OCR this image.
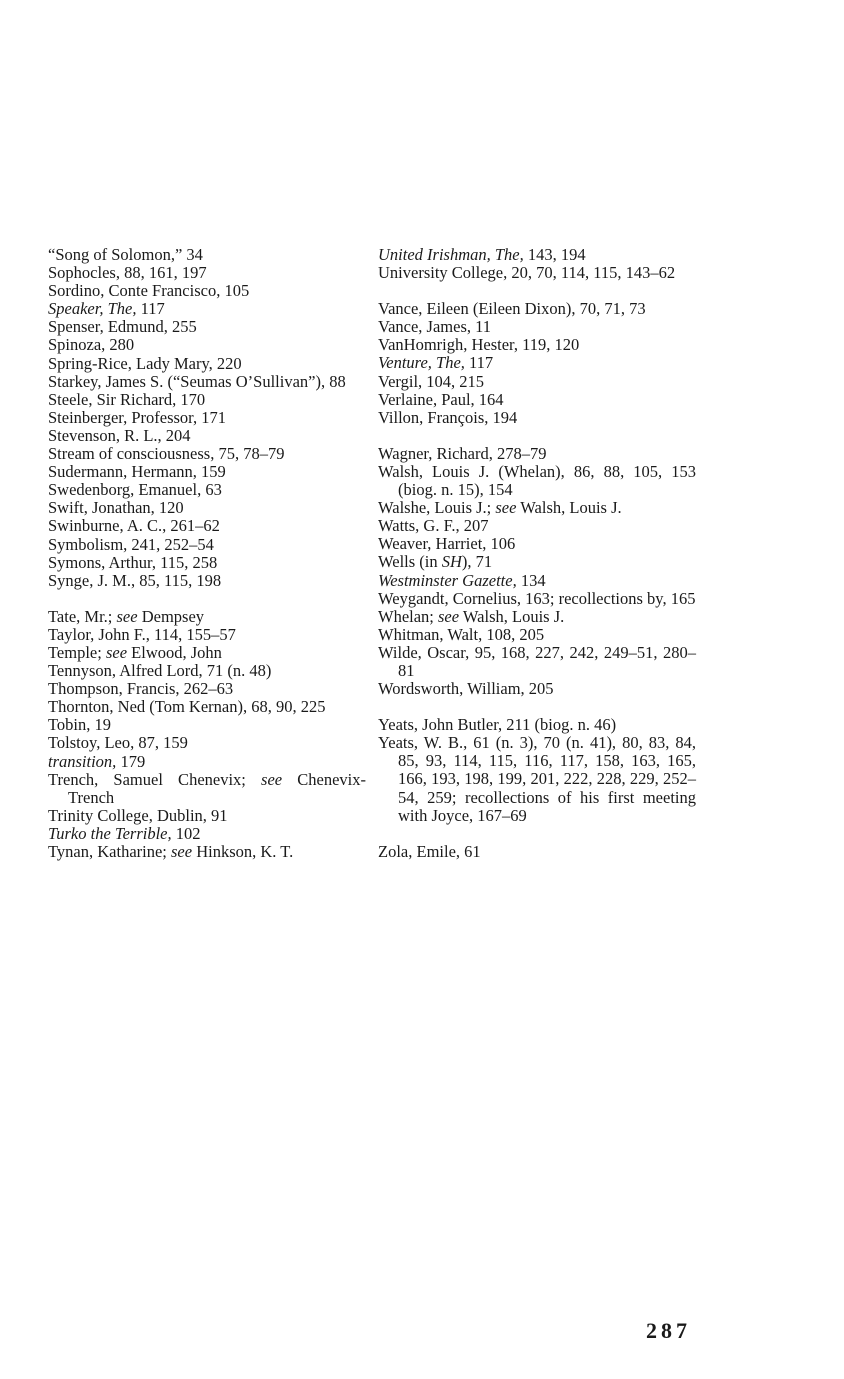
“Song of Solomon,” 34
Sophocles, 88, 161, 197
Sordino, Conte Francisco, 105
Speaker, The, 117
Spenser, Edmund, 255
Spinoza, 280
Spring-Rice, Lady Mary, 220
Starkey, James S. (“Seumas O’Sullivan”), 88
Steele, Sir Richard, 170
Steinberger, Professor, 171
Stevenson, R. L., 204
Stream of consciousness, 75, 78–79
Sudermann, Hermann, 159
Swedenborg, Emanuel, 63
Swift, Jonathan, 120
Swinburne, A. C., 261–62
Symbolism, 241, 252–54
Symons, Arthur, 115, 258
Synge, J. M., 85, 115, 198
Tate, Mr.; see Dempsey
Taylor, John F., 114, 155–57
Temple; see Elwood, John
Tennyson, Alfred Lord, 71 (n. 48)
Thompson, Francis, 262–63
Thornton, Ned (Tom Kernan), 68, 90, 225
Tobin, 19
Tolstoy, Leo, 87, 159
transition, 179
Trench, Samuel Chenevix; see Chenevix-Trench
Trinity College, Dublin, 91
Turko the Terrible, 102
Tynan, Katharine; see Hinkson, K. T.
United Irishman, The, 143, 194
University College, 20, 70, 114, 115, 143–62
Vance, Eileen (Eileen Dixon), 70, 71, 73
Vance, James, 11
VanHomrigh, Hester, 119, 120
Venture, The, 117
Vergil, 104, 215
Verlaine, Paul, 164
Villon, François, 194
Wagner, Richard, 278–79
Walsh, Louis J. (Whelan), 86, 88, 105, 153 (biog. n. 15), 154
Walshe, Louis J.; see Walsh, Louis J.
Watts, G. F., 207
Weaver, Harriet, 106
Wells (in SH), 71
Westminster Gazette, 134
Weygandt, Cornelius, 163; recollections by, 165
Whelan; see Walsh, Louis J.
Whitman, Walt, 108, 205
Wilde, Oscar, 95, 168, 227, 242, 249–51, 280–81
Wordsworth, William, 205
Yeats, John Butler, 211 (biog. n. 46)
Yeats, W. B., 61 (n. 3), 70 (n. 41), 80, 83, 84, 85, 93, 114, 115, 116, 117, 158, 163, 165, 166, 193, 198, 199, 201, 222, 228, 229, 252–54, 259; recollections of his first meeting with Joyce, 167–69
Zola, Emile, 61
287
